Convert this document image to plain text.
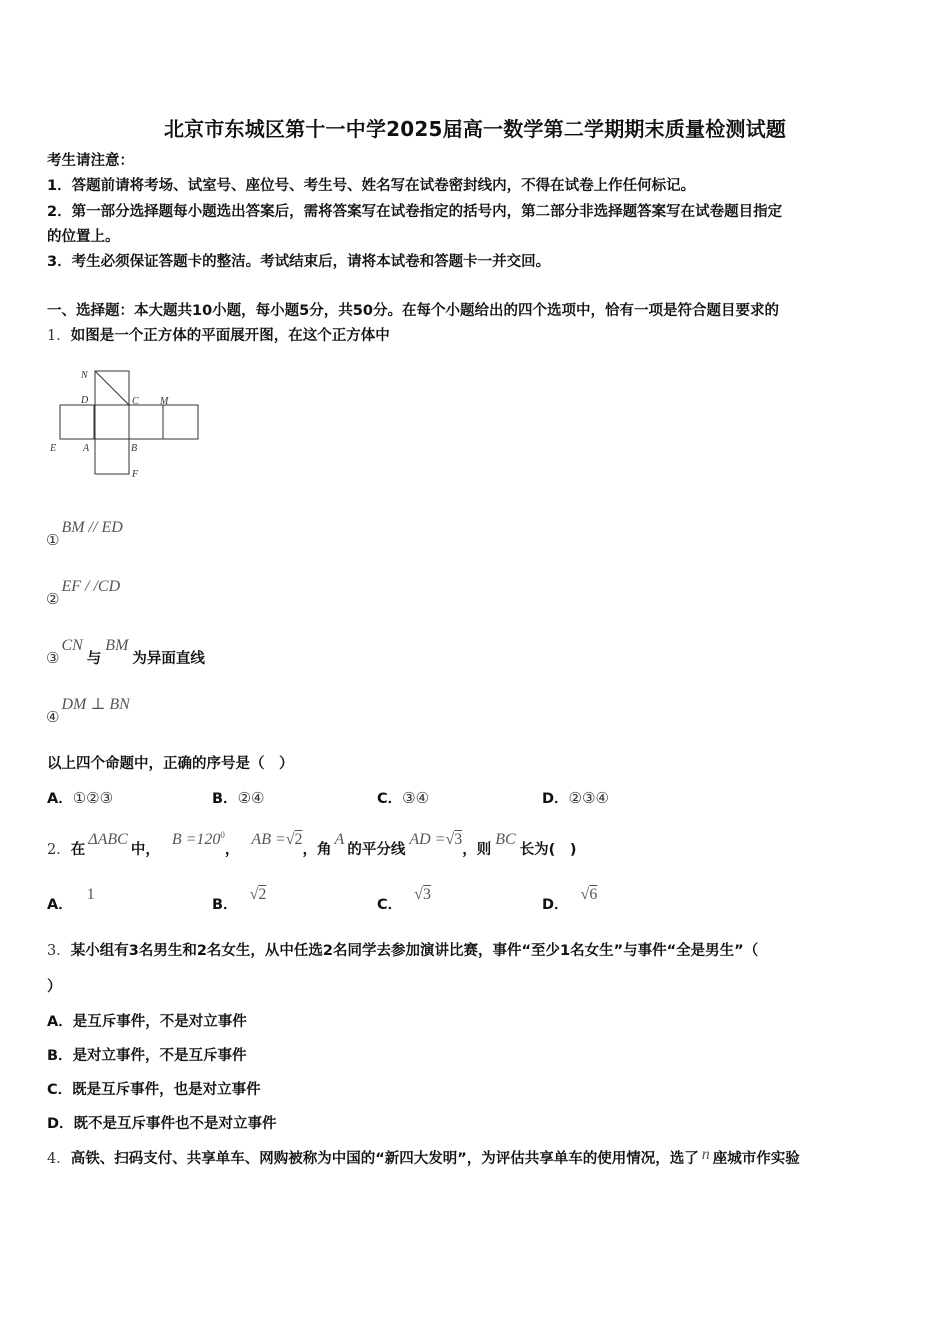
北京市东城区第十一中学2025届高一数学第二学期期末质量检测试题
考生请注意：
1．答题前请将考场、试室号、座位号、考生号、姓名写在试卷密封线内，不得在试卷上作任何标记。
2．第一部分选择题每小题选出答案后，需将答案写在试卷指定的括号内，第二部分非选择题答案写在试卷题目指定
的位置上。
3．考生必须保证答题卡的整洁。考试结束后，请将本试卷和答题卡一并交回。
一、选择题：本大题共10小题，每小题5分，共50分。在每个小题给出的四个选项中，恰有一项是符合题目要求的
1．如图是一个正方体的平面展开图，在这个正方体中
N
D	C M
E	A	B
F
①BM // ED
②EF / /CD
③CN与BM为异面直线
④DM ⊥ BN
以上四个命题中，正确的序号是（　）
A．①②③	B．②④	C．③④	D．②③④
2．在ΔABC中，$B =120^0$，AB =√2，角A的平分线AD =√3，则BC长为(　)
A．1
B．√2
C．√3
D．√6
3．某小组有3名男生和2名女生，从中任选2名同学去参加演讲比赛，事件“至少1名女生”与事件“全是男生”（
）
A．是互斥事件，不是对立事件
B．是对立事件，不是互斥事件
C．既是互斥事件，也是对立事件
D．既不是互斥事件也不是对立事件
4．高铁、扫码支付、共享单车、网购被称为中国的“新四大发明”，为评估共享单车的使用情况，选了 n 座城市作实验
